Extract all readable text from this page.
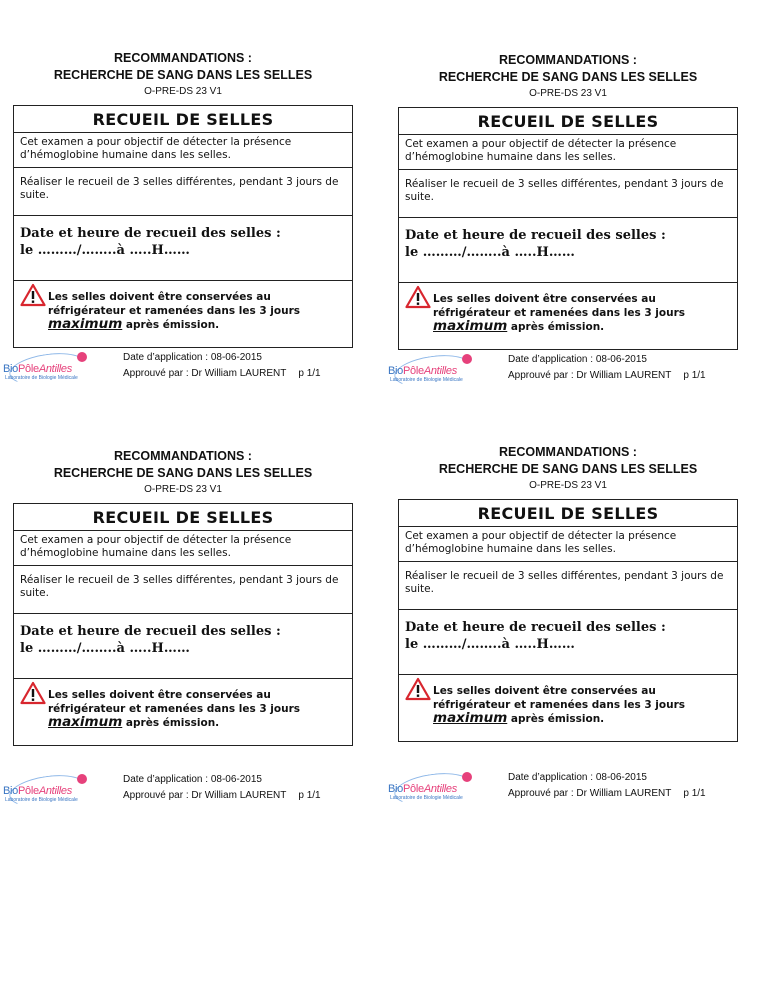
RECOMMANDATIONS :
RECHERCHE DE SANG DANS LES SELLES
O-PRE-DS 23 V1
RECUEIL DE SELLES
Cet examen a pour objectif de détecter la présence d’hémoglobine humaine dans les selles.
Réaliser le recueil de 3 selles différentes, pendant 3 jours de suite.
Date et heure de recueil des selles :
le ………/……..à …..H……
Les selles doivent être conservées au réfrigérateur et ramenées dans les 3 jours
maximum après émission.
BioPôleAntilles
Laboratoire de Biologie Médicale
Date d’application : 08-06-2015
Approuvé par : Dr William LAURENT p 1/1
RECOMMANDATIONS :
RECHERCHE DE SANG DANS LES SELLES
O-PRE-DS 23 V1
RECUEIL DE SELLES
Cet examen a pour objectif de détecter la présence d’hémoglobine humaine dans les selles.
Réaliser le recueil de 3 selles différentes, pendant 3 jours de suite.
Date et heure de recueil des selles :
le ………/……..à …..H……
Les selles doivent être conservées au réfrigérateur et ramenées dans les 3 jours
maximum après émission.
BioPôleAntilles
Laboratoire de Biologie Médicale
Date d’application : 08-06-2015
Approuvé par : Dr William LAURENT p 1/1
RECOMMANDATIONS :
RECHERCHE DE SANG DANS LES SELLES
O-PRE-DS 23 V1
RECUEIL DE SELLES
Cet examen a pour objectif de détecter la présence d’hémoglobine humaine dans les selles.
Réaliser le recueil de 3 selles différentes, pendant 3 jours de suite.
Date et heure de recueil des selles :
le ………/……..à …..H……
Les selles doivent être conservées au réfrigérateur et ramenées dans les 3 jours
maximum après émission.
BioPôleAntilles
Laboratoire de Biologie Médicale
Date d’application : 08-06-2015
Approuvé par : Dr William LAURENT p 1/1
RECOMMANDATIONS :
RECHERCHE DE SANG DANS LES SELLES
O-PRE-DS 23 V1
RECUEIL DE SELLES
Cet examen a pour objectif de détecter la présence d’hémoglobine humaine dans les selles.
Réaliser le recueil de 3 selles différentes, pendant 3 jours de suite.
Date et heure de recueil des selles :
le ………/……..à …..H……
Les selles doivent être conservées au réfrigérateur et ramenées dans les 3 jours
maximum après émission.
BioPôleAntilles
Laboratoire de Biologie Médicale
Date d’application : 08-06-2015
Approuvé par : Dr William LAURENT p 1/1
